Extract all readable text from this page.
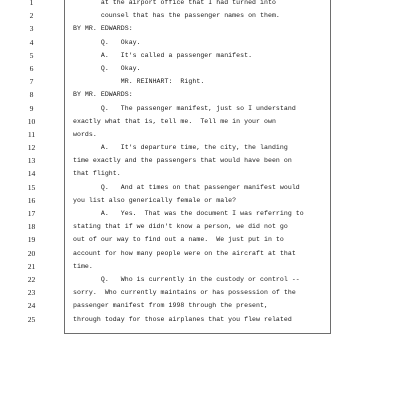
1	at the airport office that I had turned into
2	counsel that has the passenger names on them.
3	BY MR. EDWARDS:
4	Q.   Okay.
5	A.   It's called a passenger manifest.
6	Q.   Okay.
7	MR. REINHART:  Right.
8	BY MR. EDWARDS:
9	Q.   The passenger manifest, just so I understand
10	exactly what that is, tell me.  Tell me in your own
11	words.
12	A.   It's departure time, the city, the landing
13	time exactly and the passengers that would have been on
14	that flight.
15	Q.   And at times on that passenger manifest would
16	you list also generically female or male?
17	A.   Yes.  That was the document I was referring to
18	stating that if we didn't know a person, we did not go
19	out of our way to find out a name.  We just put in to
20	account for how many people were on the aircraft at that
21	time.
22	Q.   Who is currently in the custody or control --
23	sorry.  Who currently maintains or has possession of the
24	passenger manifest from 1998 through the present,
25	through today for those airplanes that you flew related
